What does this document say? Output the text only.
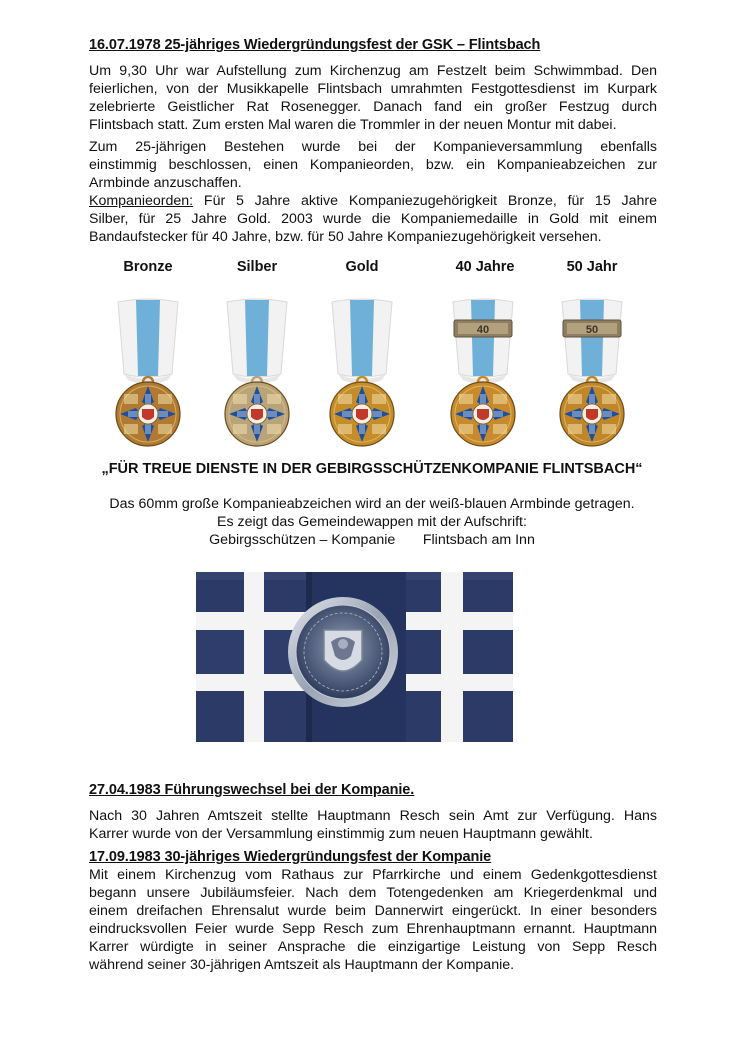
16.07.1978 25-jähriges Wiedergründungsfest der GSK – Flintsbach
Um 9,30 Uhr war Aufstellung zum Kirchenzug am Festzelt beim Schwimmbad. Den
feierlichen, von der Musikkapelle Flintsbach umrahmten Festgottesdienst im Kurpark
zelebrierte Geistlicher Rat Rosenegger. Danach fand ein großer Festzug durch
Flintsbach statt. Zum ersten Mal waren die Trommler in der neuen Montur mit dabei.
Zum 25-jährigen Bestehen wurde bei der Kompanieversammlung ebenfalls
einstimmig beschlossen, einen Kompanieorden, bzw. ein Kompanieabzeichen zur
Armbinde anzuschaffen.
Kompanieorden: Für 5 Jahre aktive Kompaniezugehörigkeit Bronze, für 15 Jahre
Silber, für 25 Jahre Gold. 2003 wurde die Kompaniemedaille in Gold mit einem
Bandaufstecker für 40 Jahre, bzw. für 50 Jahre Kompaniezugehörigkeit versehen.
Bronze	Silber	Gold	40 Jahre	50 Jahr
40	50
„FÜR TREUE DIENSTE IN DER GEBIRGSSCHÜTZENKOMPANIE FLINTSBACH“
Das 60mm große Kompanieabzeichen wird an der weiß-blauen Armbinde getragen.
Es zeigt das Gemeindewappen mit der Aufschrift:
Gebirgsschützen – Kompanie       Flintsbach am Inn
27.04.1983 Führungswechsel bei der Kompanie.
Nach 30 Jahren Amtszeit stellte Hauptmann Resch sein Amt zur Verfügung. Hans
Karrer wurde von der Versammlung einstimmig zum neuen Hauptmann gewählt.
17.09.1983 30-jähriges Wiedergründungsfest der Kompanie
Mit einem Kirchenzug vom Rathaus zur Pfarrkirche und einem Gedenkgottesdienst
begann unsere Jubiläumsfeier. Nach dem Totengedenken am Kriegerdenkmal und
einem dreifachen Ehrensalut wurde beim Dannerwirt eingerückt. In einer besonders
eindrucksvollen Feier wurde Sepp Resch zum Ehrenhauptmann ernannt. Hauptmann
Karrer würdigte in seiner Ansprache die einzigartige Leistung von Sepp Resch
während seiner 30-jährigen Amtszeit als Hauptmann der Kompanie.
